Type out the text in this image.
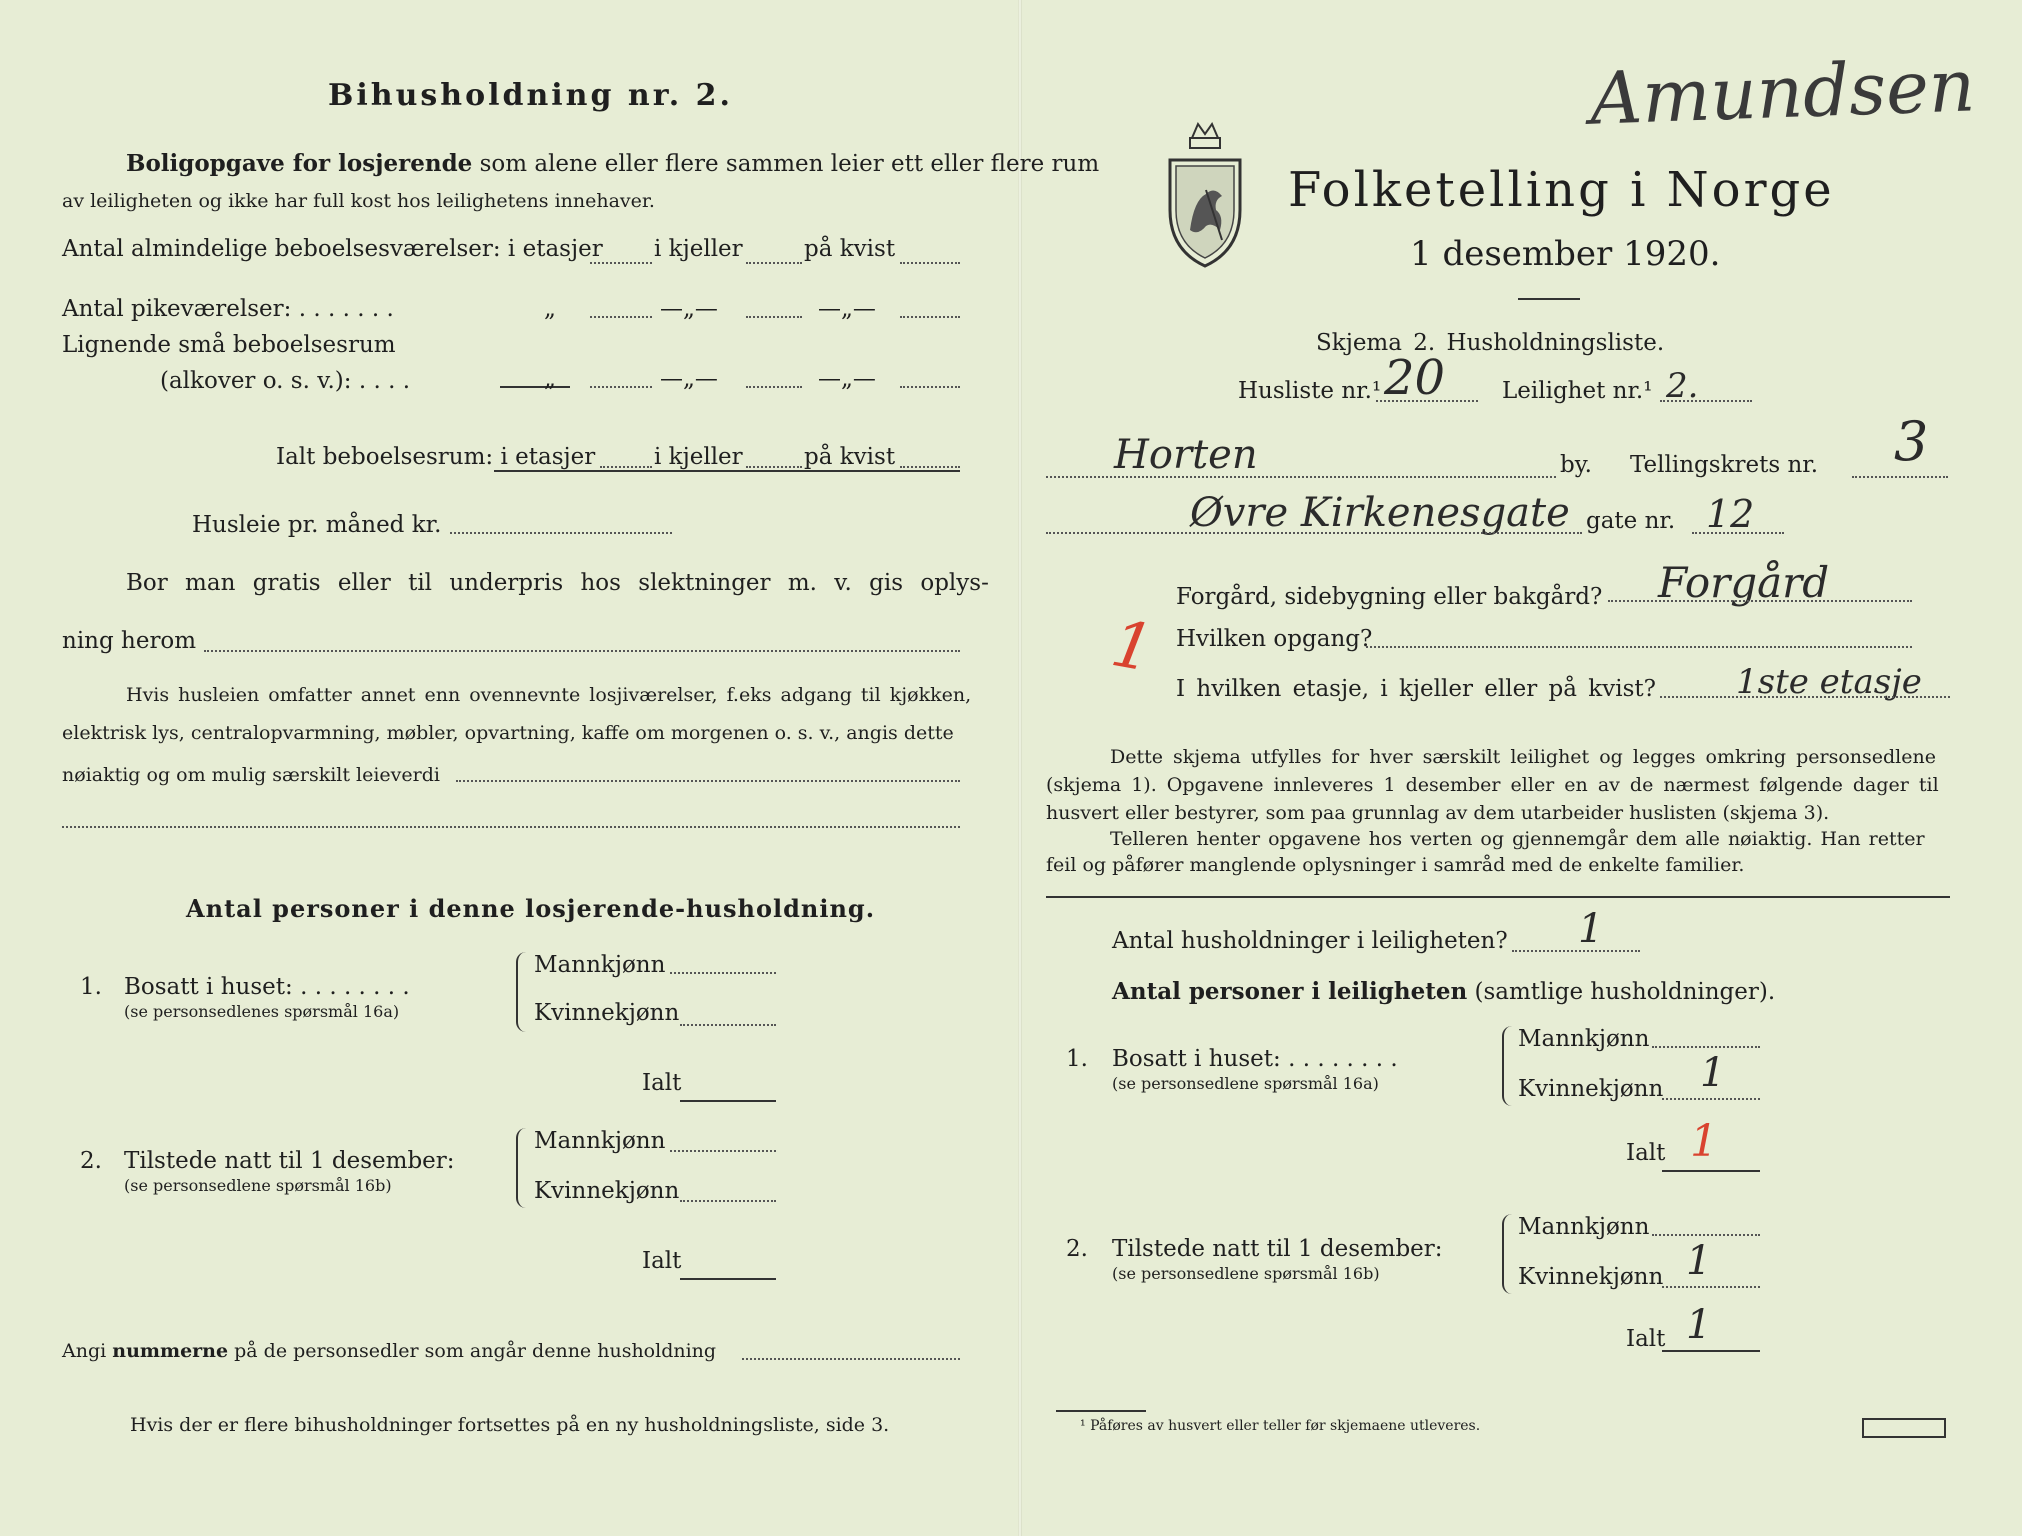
Bihusholdning nr. 2.
Boligopgave for losjerende som alene eller flere sammen leier ett eller flere rum
av leiligheten og ikke har full kost hos leilighetens innehaver.
Antal almindelige beboelsesværelser: i etasjer i kjeller	på kvist
Antal pikeværelser: . . . . . . .	„	—„—	—„—
Lignende små beboelsesrum
(alkover o. s. v.): . . . .	„	—„—	—„—
Ialt beboelsesrum: i etasjer	i kjeller	på kvist
Husleie pr. måned kr.
Bor man gratis eller til underpris hos slektninger m. v. gis oplys-
ning herom
Hvis husleien omfatter annet enn ovennevnte losjiværelser, f.eks adgang til kjøkken,
elektrisk lys, centralopvarmning, møbler, opvartning, kaffe om morgenen o. s. v., angis dette
nøiaktig og om mulig særskilt leieverdi
Antal personer i denne losjerende-husholdning.
1. Bosatt i huset: . . . . . . . .
(se personsedlenes spørsmål 16a)
Mannkjønn
Kvinnekjønn
Ialt
2. Tilstede natt til 1 desember:
(se personsedlene spørsmål 16b)
Mannkjønn
Kvinnekjønn
Ialt
Angi nummerne på de personsedler som angår denne husholdning
Hvis der er flere bihusholdninger fortsettes på en ny husholdningsliste, side 3.
Amundsen
Folketelling i Norge
1 desember 1920.
Skjema 2. Husholdningsliste.
Husliste nr.¹ 20 Leilighet nr.¹ 2.
Horten	by. Tellingskrets nr. 3
Øvre Kirkenesgate gate nr. 12
Forgård, sidebygning eller bakgård? Forgård
1 Hvilken opgang?
I hvilken etasje, i kjeller eller på kvist? 1ste etasje
Dette skjema utfylles for hver særskilt leilighet og legges omkring personsedlene
(skjema 1). Opgavene innleveres 1 desember eller en av de nærmest følgende dager til
husvert eller bestyrer, som paa grunnlag av dem utarbeider huslisten (skjema 3).
Telleren henter opgavene hos verten og gjennemgår dem alle nøiaktig. Han retter
feil og påfører manglende oplysninger i samråd med de enkelte familier.
Antal husholdninger i leiligheten? 1
Antal personer i leiligheten (samtlige husholdninger).
1. Bosatt i huset: . . . . . . . .
(se personsedlene spørsmål 16a)
Mannkjønn
Kvinnekjønn 1
Ialt 1
2. Tilstede natt til 1 desember:
(se personsedlene spørsmål 16b)
Mannkjønn
Kvinnekjønn 1
Ialt 1
¹ Påføres av husvert eller teller før skjemaene utleveres.
